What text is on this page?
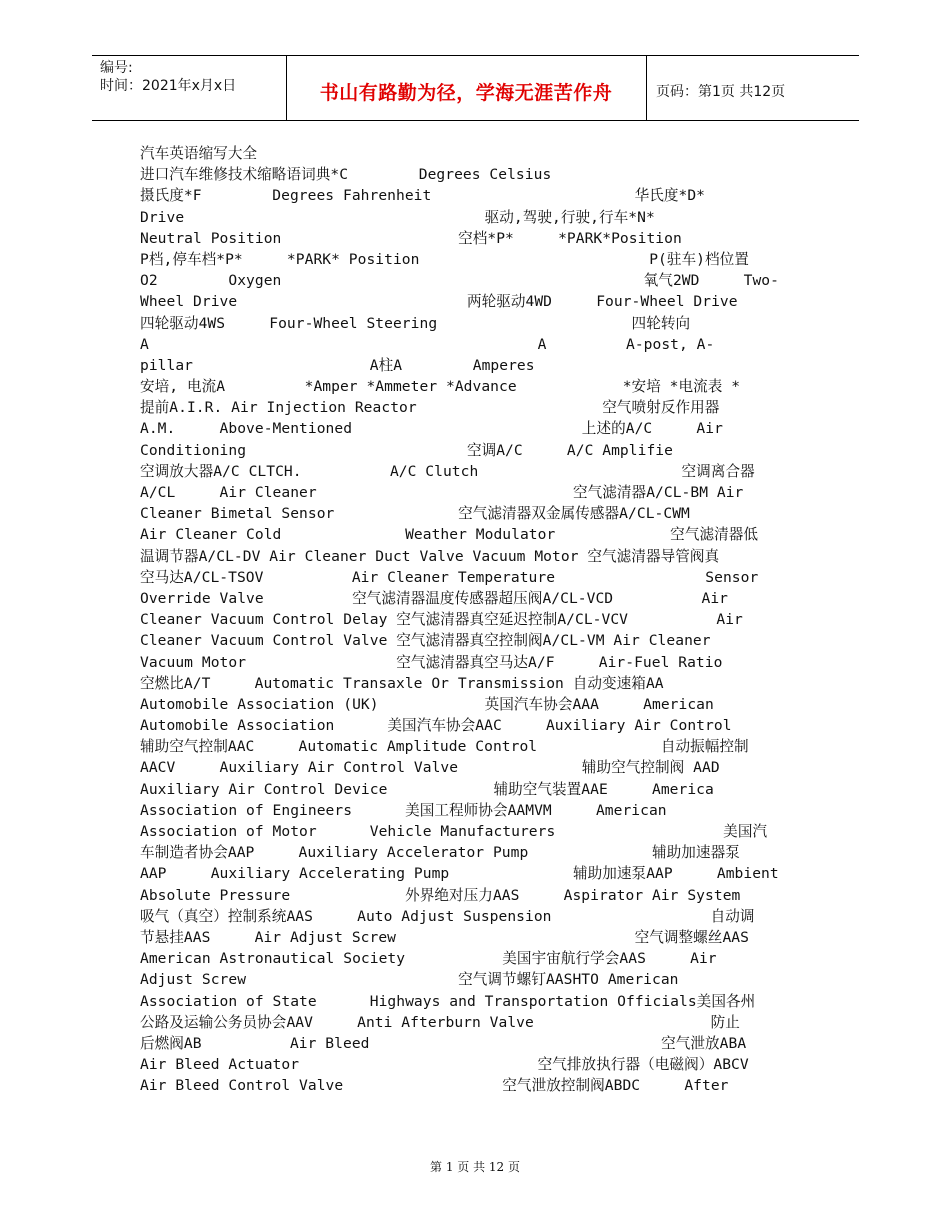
编号:
时间：2021年x月x日	书山有路勤为径，学海无涯苦作舟	页码：第1页 共12页
汽车英语缩写大全
进口汽车维修技术缩略语词典*C        Degrees Celsius
摄氏度*F        Degrees Fahrenheit                       华氏度*D*
Drive                                  驱动,驾驶,行驶,行车*N*
Neutral Position                    空档*P*     *PARK*Position
P档,停车档*P*     *PARK* Position                          P(驻车)档位置
O2        Oxygen                                         氧气2WD     Two-
Wheel Drive                          两轮驱动4WD     Four-Wheel Drive
四轮驱动4WS     Four-Wheel Steering                      四轮转向
A                                            A         A-post, A-
pillar                    A柱A        Amperes
安培, 电流A         *Amper *Ammeter *Advance            *安培 *电流表 *
提前A.I.R. Air Injection Reactor                     空气喷射反作用器
A.M.     Above-Mentioned                          上述的A/C     Air
Conditioning                         空调A/C     A/C Amplifie
空调放大器A/C CLTCH.          A/C Clutch                       空调离合器
A/CL     Air Cleaner                             空气滤清器A/CL-BM Air
Cleaner Bimetal Sensor              空气滤清器双金属传感器A/CL-CWM
Air Cleaner Cold              Weather Modulator             空气滤清器低
温调节器A/CL-DV Air Cleaner Duct Valve Vacuum Motor 空气滤清器导管阀真
空马达A/CL-TSOV          Air Cleaner Temperature                 Sensor
Override Valve          空气滤清器温度传感器超压阀A/CL-VCD          Air
Cleaner Vacuum Control Delay 空气滤清器真空延迟控制A/CL-VCV          Air
Cleaner Vacuum Control Valve 空气滤清器真空控制阀A/CL-VM Air Cleaner
Vacuum Motor                 空气滤清器真空马达A/F     Air-Fuel Ratio
空燃比A/T     Automatic Transaxle Or Transmission 自动变速箱AA
Automobile Association (UK)            英国汽车协会AAA     American
Automobile Association      美国汽车协会AAC     Auxiliary Air Control
辅助空气控制AAC     Automatic Amplitude Control              自动振幅控制
AACV     Auxiliary Air Control Valve              辅助空气控制阀 AAD
Auxiliary Air Control Device            辅助空气装置AAE     America
Association of Engineers      美国工程师协会AAMVM     American
Association of Motor      Vehicle Manufacturers                   美国汽
车制造者协会AAP     Auxiliary Accelerator Pump              辅助加速器泵
AAP     Auxiliary Accelerating Pump              辅助加速泵AAP     Ambient
Absolute Pressure             外界绝对压力AAS     Aspirator Air System
吸气（真空）控制系统AAS     Auto Adjust Suspension                  自动调
节悬挂AAS     Air Adjust Screw                           空气调整螺丝AAS
American Astronautical Society           美国宇宙航行学会AAS     Air
Adjust Screw                        空气调节螺钉AASHTO American
Association of State      Highways and Transportation Officials美国各州
公路及运输公务员协会AAV     Anti Afterburn Valve                    防止
后燃阀AB          Air Bleed                                 空气泄放ABA
Air Bleed Actuator                           空气排放执行器（电磁阀）ABCV
Air Bleed Control Valve                  空气泄放控制阀ABDC     After
第 1 页 共 12 页
